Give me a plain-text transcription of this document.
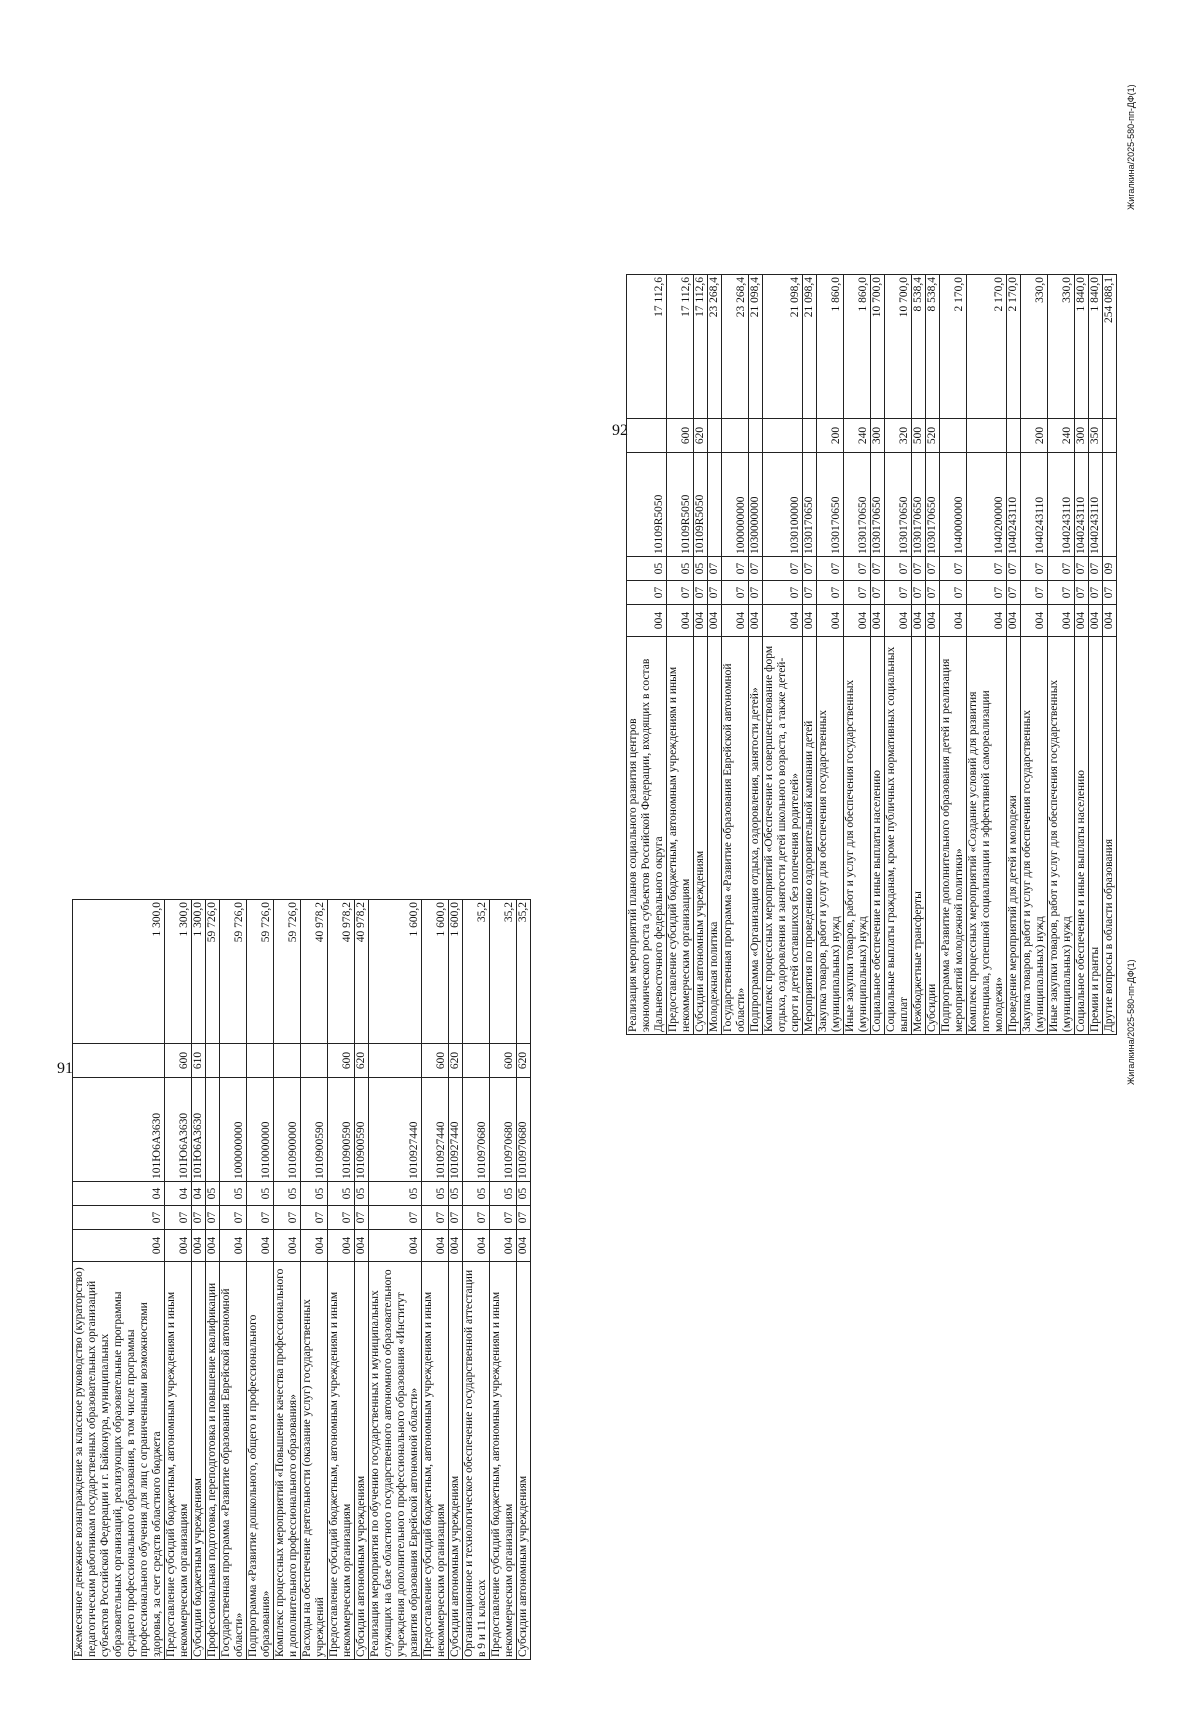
91
Ежемесячное денежное вознаграждение за классное руководство (кураторство) педагогическим работникам государственных образовательных организаций субъектов Российской Федерации и г. Байконура, муниципальных образовательных организаций, реализующих образовательные программы среднего профессионального образования, в том числе программы профессионального обучения для лиц с ограниченными возможностями здоровья, за счет средств областного бюджета	004	07	04	101Ю6А3630		1 300,0
Предоставление субсидий бюджетным, автономным учреждениям и иным некоммерческим организациям	004	07	04	101Ю6А3630	600	1 300,0
Субсидии бюджетным учреждениям	004	07	04	101Ю6А3630	610	1 300,0
Профессиональная подготовка, переподготовка и повышение квалификации	004	07	05			59 726,0
Государственная программа «Развитие образования Еврейской автономной области»	004	07	05	1000000000		59 726,0
Подпрограмма «Развитие дошкольного, общего и профессионального образования»	004	07	05	1010000000		59 726,0
Комплекс процессных мероприятий «Повышение качества профессионального и дополнительного профессионального образования»	004	07	05	1010900000		59 726,0
Расходы на обеспечение деятельности (оказание услуг) государственных учреждений	004	07	05	1010900590		40 978,2
Предоставление субсидий бюджетным, автономным учреждениям и иным некоммерческим организациям	004	07	05	1010900590	600	40 978,2
Субсидии автономным учреждениям	004	07	05	1010900590	620	40 978,2
Реализация мероприятия по обучению государственных и муниципальных служащих на базе областного государственного автономного образовательного учреждения дополнительного профессионального образования «Институт развития образования Еврейской автономной области»	004	07	05	1010927440		1 600,0
Предоставление субсидий бюджетным, автономным учреждениям и иным некоммерческим организациям	004	07	05	1010927440	600	1 600,0
Субсидии автономным учреждениям	004	07	05	1010927440	620	1 600,0
Организационное и технологическое обеспечение государственной аттестации в 9 и 11 классах	004	07	05	1010970680		35,2
Предоставление субсидий бюджетным, автономным учреждениям и иным некоммерческим организациям	004	07	05	1010970680	600	35,2
Субсидии автономным учреждениям	004	07	05	1010970680	620	35,2
Жигалкина/2025-580-пп-ДФ(1)
92
Реализация мероприятий планов социального развития центров экономического роста субъектов Российской Федерации, входящих в состав Дальневосточного федерального округа	004	07	05	10109R5050		17 112,6
Предоставление субсидий бюджетным, автономным учреждениям и иным некоммерческим организациям	004	07	05	10109R5050	600	17 112,6
Субсидии автономным учреждениям	004	07	05	10109R5050	620	17 112,6
Молодежная политика	004	07	07			23 268,4
Государственная программа «Развитие образования Еврейской автономной области»	004	07	07	1000000000		23 268,4
Подпрограмма «Организация отдыха, оздоровления, занятости детей»	004	07	07	1030000000		21 098,4
Комплекс процессных мероприятий «Обеспечение и совершенствование форм отдыха, оздоровления и занятости детей школьного возраста, а также детей-сирот и детей оставшихся без попечения родителей»	004	07	07	1030100000		21 098,4
Мероприятия по проведению оздоровительной кампании детей	004	07	07	1030170650		21 098,4
Закупка товаров, работ и услуг для обеспечения государственных (муниципальных) нужд	004	07	07	1030170650	200	1 860,0
Иные закупки товаров, работ и услуг для обеспечения государственных (муниципальных) нужд	004	07	07	1030170650	240	1 860,0
Социальное обеспечение и иные выплаты населению	004	07	07	1030170650	300	10 700,0
Социальные выплаты гражданам, кроме публичных нормативных социальных выплат	004	07	07	1030170650	320	10 700,0
Межбюджетные трансферты	004	07	07	1030170650	500	8 538,4
Субсидии	004	07	07	1030170650	520	8 538,4
Подпрограмма «Развитие дополнительного образования детей и реализация мероприятий молодежной политики»	004	07	07	1040000000		2 170,0
Комплекс процессных мероприятий «Создание условий для развития потенциала, успешной социализации и эффективной самореализации молодежи»	004	07	07	1040200000		2 170,0
Проведение мероприятий для детей и молодежи	004	07	07	1040243110		2 170,0
Закупка товаров, работ и услуг для обеспечения государственных (муниципальных) нужд	004	07	07	1040243110	200	330,0
Иные закупки товаров, работ и услуг для обеспечения государственных (муниципальных) нужд	004	07	07	1040243110	240	330,0
Социальное обеспечение и иные выплаты населению	004	07	07	1040243110	300	1 840,0
Премии и гранты	004	07	07	1040243110	350	1 840,0
Другие вопросы в области образования	004	07	09			254 088,1
Жигалкина/2025-580-пп-ДФ(1)
